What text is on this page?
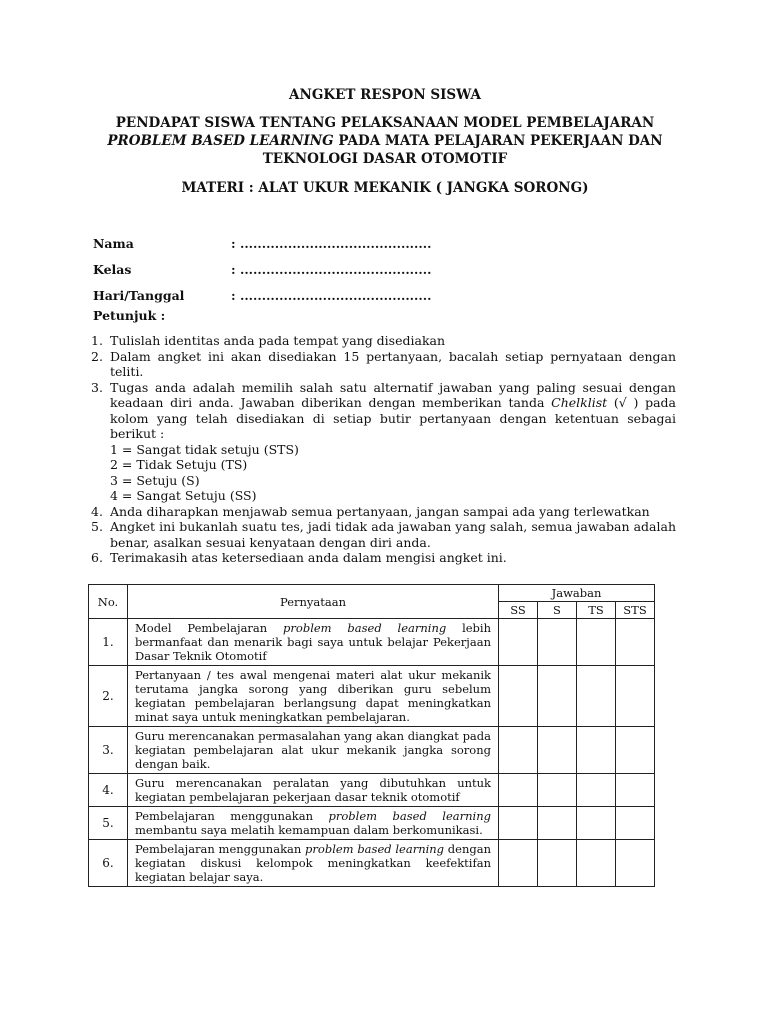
ANGKET RESPON SISWA

PENDAPAT SISWA TENTANG PELAKSANAAN MODEL PEMBELAJARAN

PROBLEM BASED LEARNING PADA MATA PELAJARAN PEKERJAAN DAN

TEKNOLOGI DASAR OTOMOTIF

MATERI : ALAT UKUR MEKANIK ( JANGKA SORONG)

Nama	: ............................................
Kelas	: ............................................
Hari/Tanggal	: ............................................
Petunjuk :
1. Tulislah identitas anda pada tempat yang disediakan
2. Dalam angket ini akan disediakan 15 pertanyaan, bacalah setiap pernyataan dengan teliti.
3. Tugas anda adalah memilih salah satu alternatif jawaban yang paling sesuai dengan keadaan diri anda. Jawaban diberikan dengan memberikan tanda Chelklist (√ ) pada kolom yang telah disediakan di setiap butir pertanyaan dengan ketentuan sebagai berikut :
1 = Sangat tidak setuju (STS)
2 = Tidak Setuju (TS)
3 = Setuju (S)
4 = Sangat Setuju (SS)
4. Anda diharapkan menjawab semua pertanyaan, jangan sampai ada yang terlewatkan
5. Angket ini bukanlah suatu tes, jadi tidak ada jawaban yang salah, semua jawaban adalah benar, asalkan sesuai kenyataan dengan diri anda.
6. Terimakasih atas ketersediaan anda dalam mengisi angket ini.
No.	Pernyataan	Jawaban			
		SS	S	TS	STS
1.	Model Pembelajaran problem based learning lebih bermanfaat dan menarik bagi saya untuk belajar Pekerjaan Dasar Teknik Otomotif				
2.	Pertanyaan / tes awal mengenai materi alat ukur mekanik terutama jangka sorong yang diberikan guru sebelum kegiatan pembelajaran berlangsung dapat meningkatkan minat saya untuk meningkatkan pembelajaran.				
3.	Guru merencanakan permasalahan yang akan diangkat pada kegiatan pembelajaran alat ukur mekanik jangka sorong dengan baik.				
4.	Guru merencanakan peralatan yang dibutuhkan untuk kegiatan pembelajaran pekerjaan dasar teknik otomotif				
5.	Pembelajaran menggunakan problem based learning membantu saya melatih kemampuan dalam berkomunikasi.				
6.	Pembelajaran menggunakan problem based learning dengan kegiatan diskusi kelompok meningkatkan keefektifan kegiatan belajar saya.				
